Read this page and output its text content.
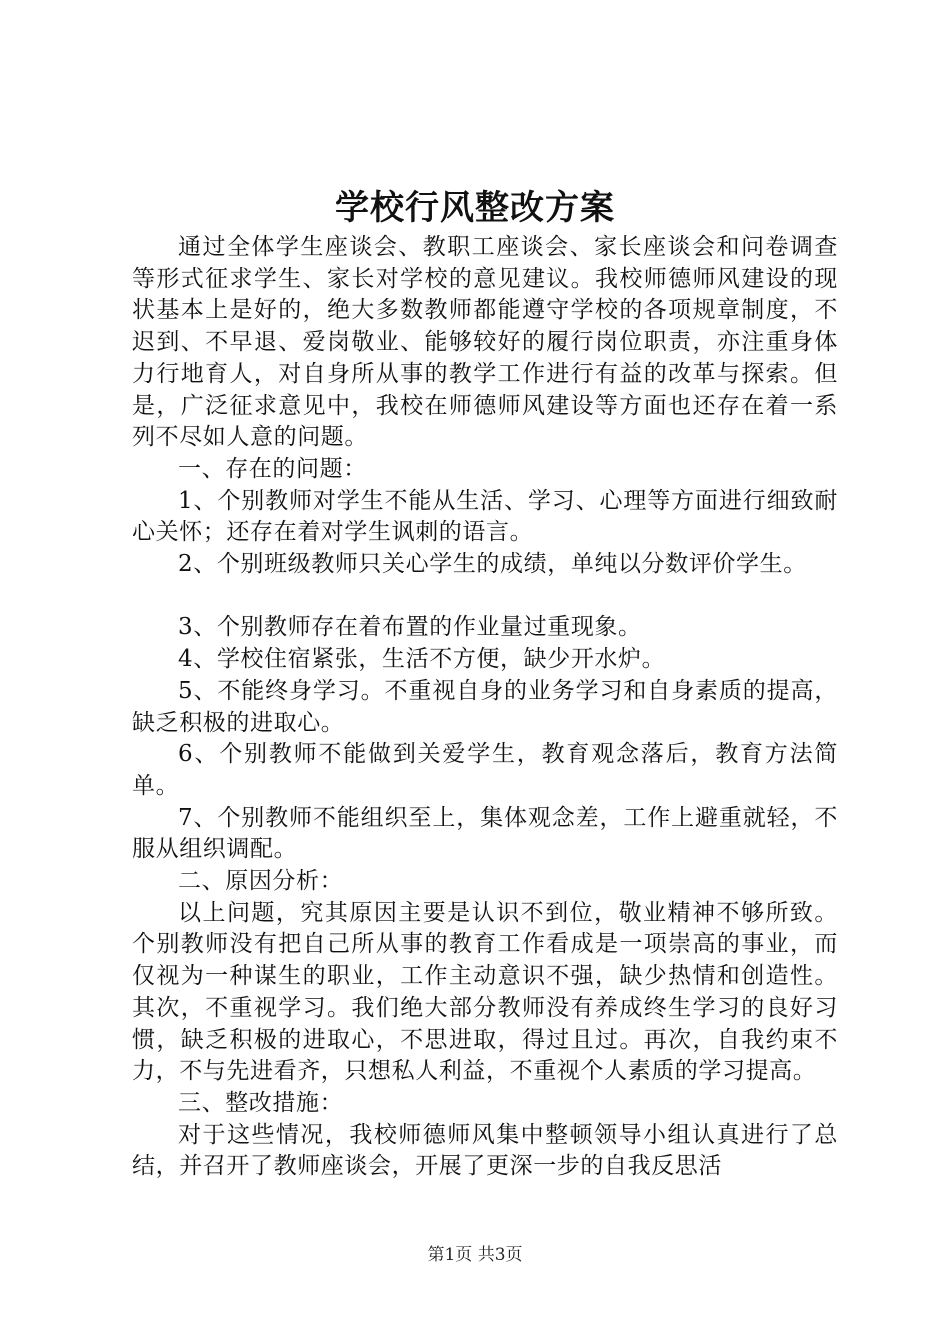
学校行风整改方案

通过全体学生座谈会、教职工座谈会、家长座谈会和问卷调查等形式征求学生、家长对学校的意见建议。我校师德师风建设的现状基本上是好的，绝大多数教师都能遵守学校的各项规章制度，不迟到、不早退、爱岗敬业、能够较好的履行岗位职责，亦注重身体力行地育人，对自身所从事的教学工作进行有益的改革与探索。但是，广泛征求意见中，我校在师德师风建设等方面也还存在着一系列不尽如人意的问题。

一、存在的问题：

1、个别教师对学生不能从生活、学习、心理等方面进行细致耐心关怀；还存在着对学生讽刺的语言。

2、个别班级教师只关心学生的成绩，单纯以分数评价学生。

3、个别教师存在着布置的作业量过重现象。

4、学校住宿紧张，生活不方便，缺少开水炉。

5、不能终身学习。不重视自身的业务学习和自身素质的提高，缺乏积极的进取心。

6、个别教师不能做到关爱学生，教育观念落后，教育方法简单。

7、个别教师不能组织至上，集体观念差，工作上避重就轻，不服从组织调配。

二、原因分析：

以上问题，究其原因主要是认识不到位，敬业精神不够所致。个别教师没有把自己所从事的教育工作看成是一项崇高的事业，而仅视为一种谋生的职业，工作主动意识不强，缺少热情和创造性。其次，不重视学习。我们绝大部分教师没有养成终生学习的良好习惯，缺乏积极的进取心，不思进取，得过且过。再次，自我约束不力，不与先进看齐，只想私人利益，不重视个人素质的学习提高。

三、整改措施：

对于这些情况，我校师德师风集中整顿领导小组认真进行了总结，并召开了教师座谈会，开展了更深一步的自我反思活

第1页 共3页
